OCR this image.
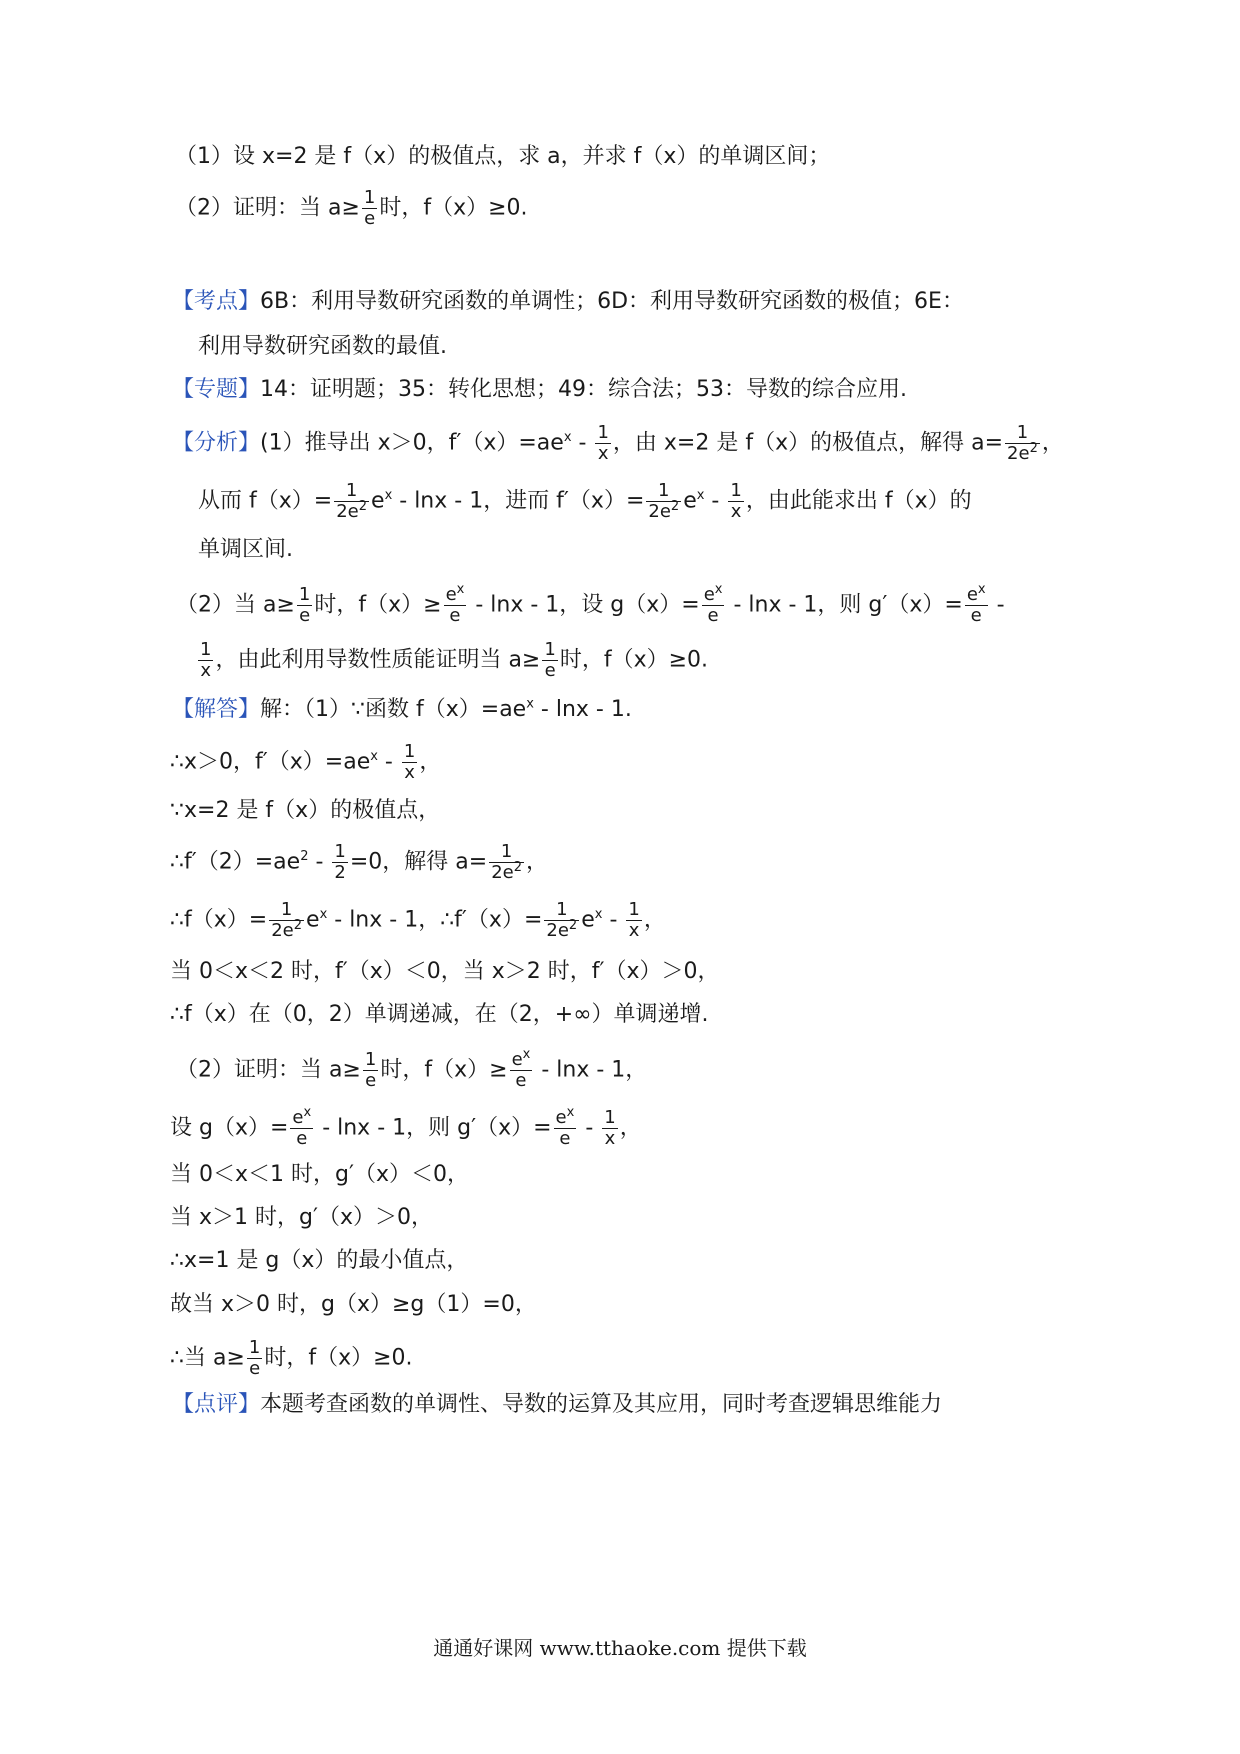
（1）设 x=2 是 f（x）的极值点，求 a，并求 f（x）的单调区间；
（2）证明：当 $a\ge \frac{1}{e}$ 时，f（x）≥0.
【考点】6B：利用导数研究函数的单调性；6D：利用导数研究函数的极值；6E：
利用导数研究函数的最值.
【专题】14：证明题；35：转化思想；49：综合法；53：导数的综合应用.
【分析】(1）推导出 x＞0，$f'(x)=ae^x - \frac{1}{x}$ ，由 x=2 是 f（x）的极值点，解得 $a= \frac{1}{2e^2}$ ，
从而 $f(x)= \frac{1}{2e^2} e^x - \ln x - 1$，进而 $f'(x)= \frac{1}{2e^2} e^x - \frac{1}{x}$ ，由此能求出 f（x）的
单调区间.
（2）当 $a\ge \frac{1}{e}$ 时，$f(x)\ge \frac{e^x}{e} - \ln x - 1$，设 $g(x)= \frac{e^x}{e} - \ln x - 1$，则 $g'(x)= \frac{e^x}{e}$ -
$\frac{1}{x}$ ，由此利用导数性质能证明当 $a\ge \frac{1}{e}$ 时，f（x）≥0.
【解答】解：（1）∵函数 $f(x)=ae^x - \ln x - 1$.
∴x＞0，$f'(x)=ae^x - \frac{1}{x}$ ，
∵x=2 是 f（x）的极值点，
$\therefore f'(2)=ae^2 - \frac{1}{2} =0$，解得 $a= \frac{1}{2e^2}$ ，
∴f（x）= $\frac{1}{2e^2} e^x$ - lnx - 1，∴f′（x）= $\frac{1}{2e^2} e^x - \frac{1}{x}$ ，
当 0＜x＜2 时，f′（x）＜0，当 x＞2 时，f′（x）＞0，
∴f（x）在（0，2）单调递减，在（2，+∞）单调递增.
（2）证明：当 $a\ge \frac{1}{e}$ 时，$f(x)\ge \frac{e^x}{e} - \ln x - 1$，
设 $g(x)= \frac{e^x}{e} - \ln x - 1$，则 $g'(x)= \frac{e^x}{e} - \frac{1}{x}$ ，
当 0＜x＜1 时，g′（x）＜0，
当 x＞1 时，g′（x）＞0，
∴x=1 是 g（x）的最小值点，
故当 x＞0 时，g（x）≥g（1）=0，
∴当 $a\ge \frac{1}{e}$ 时，f（x）≥0.
【点评】本题考查函数的单调性、导数的运算及其应用，同时考查逻辑思维能力
通通好课网 www.tthaoke.com 提供下载
